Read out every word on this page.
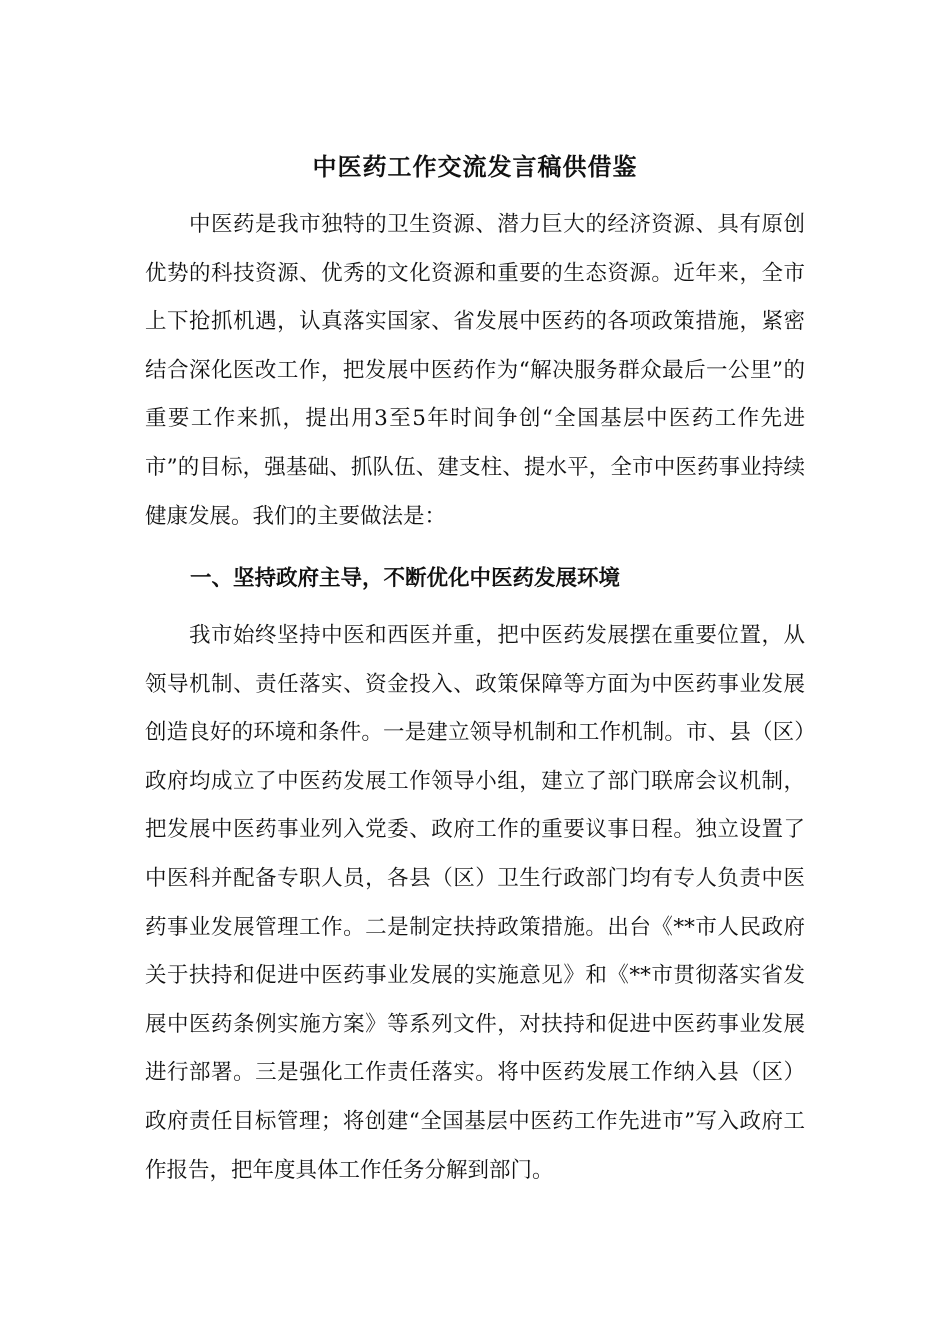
中医药工作交流发言稿供借鉴

中医药是我市独特的卫生资源、潜力巨大的经济资源、具有原创优势的科技资源、优秀的文化资源和重要的生态资源。近年来，全市上下抢抓机遇，认真落实国家、省发展中医药的各项政策措施，紧密结合深化医改工作，把发展中医药作为“解决服务群众最后一公里”的重要工作来抓，提出用3至5年时间争创“全国基层中医药工作先进市”的目标，强基础、抓队伍、建支柱、提水平，全市中医药事业持续健康发展。我们的主要做法是：

一、坚持政府主导，不断优化中医药发展环境

我市始终坚持中医和西医并重，把中医药发展摆在重要位置，从领导机制、责任落实、资金投入、政策保障等方面为中医药事业发展创造良好的环境和条件。一是建立领导机制和工作机制。市、县（区）政府均成立了中医药发展工作领导小组，建立了部门联席会议机制，把发展中医药事业列入党委、政府工作的重要议事日程。独立设置了中医科并配备专职人员，各县（区）卫生行政部门均有专人负责中医药事业发展管理工作。二是制定扶持政策措施。出台《**市人民政府关于扶持和促进中医药事业发展的实施意见》和《**市贯彻落实省发展中医药条例实施方案》等系列文件，对扶持和促进中医药事业发展进行部署。三是强化工作责任落实。将中医药发展工作纳入县（区）政府责任目标管理；将创建“全国基层中医药工作先进市”写入政府工作报告，把年度具体工作任务分解到部门。
